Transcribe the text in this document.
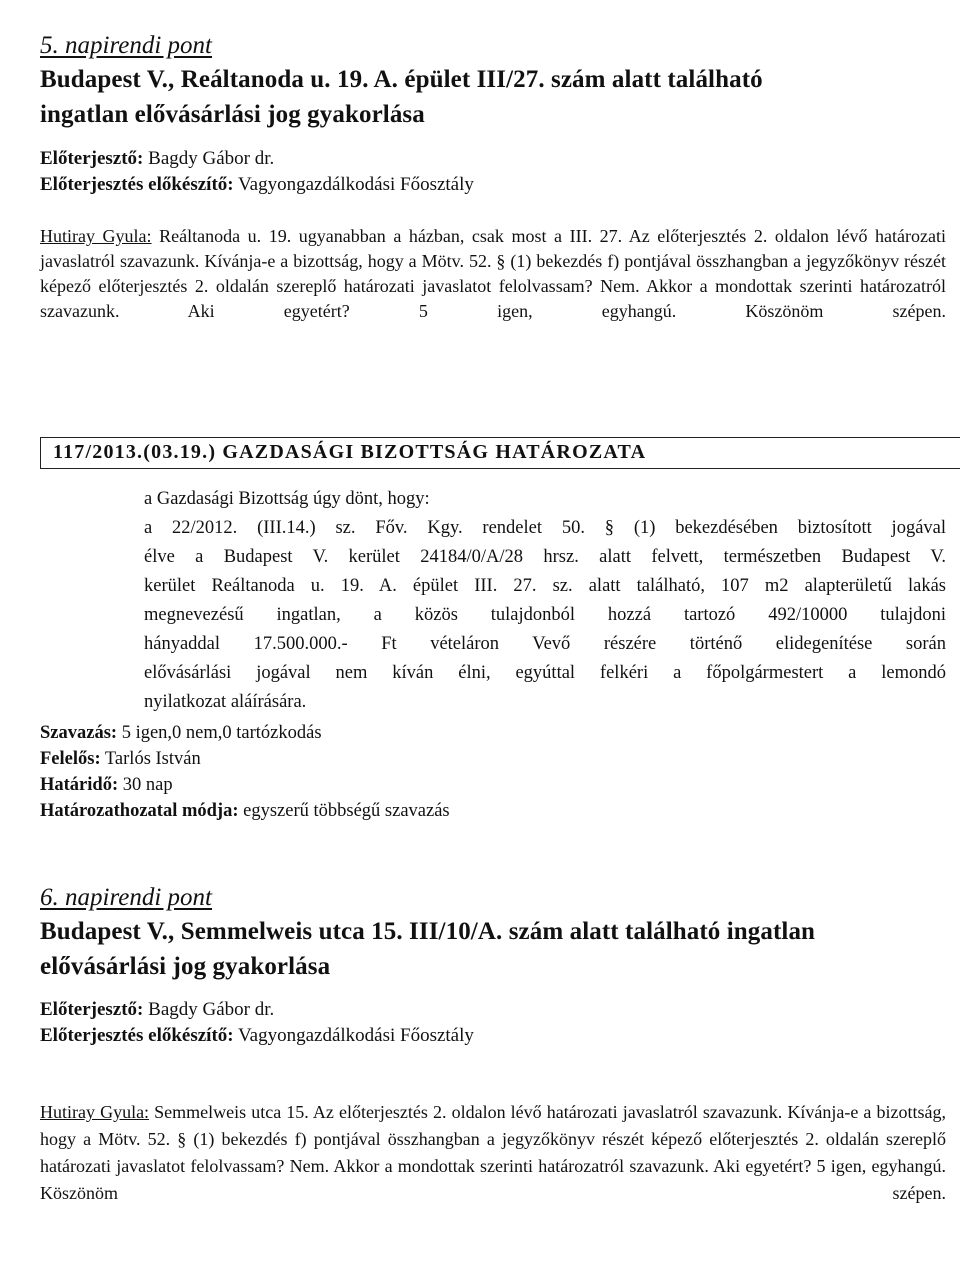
5. napirendi pont
Budapest V., Reáltanoda u. 19. A. épület III/27. szám alatt található
ingatlan elővásárlási jog gyakorlása
Előterjesztő: Bagdy Gábor dr.
Előterjesztés előkészítő: Vagyongazdálkodási Főosztály
Hutiray Gyula: Reáltanoda u. 19. ugyanabban a házban, csak most a III. 27. Az előterjesztés 2. oldalon lévő határozati javaslatról szavazunk. Kívánja-e a bizottság, hogy a Mötv. 52. § (1) bekezdés f) pontjával összhangban a jegyzőkönyv részét képező előterjesztés 2. oldalán szereplő határozati javaslatot felolvassam? Nem. Akkor a mondottak szerinti határozatról szavazunk. Aki egyetért? 5 igen, egyhangú. Köszönöm szépen.
117/2013.(03.19.) GAZDASÁGI BIZOTTSÁG HATÁROZATA
a Gazdasági Bizottság úgy dönt, hogy:
a 22/2012. (III.14.) sz. Főv. Kgy. rendelet 50. § (1) bekezdésében biztosított jogával
élve a Budapest V. kerület 24184/0/A/28 hrsz. alatt felvett, természetben Budapest V.
kerület Reáltanoda u. 19. A. épület III. 27. sz. alatt található, 107 m2 alapterületű lakás
megnevezésű ingatlan, a közös tulajdonból hozzá tartozó 492/10000 tulajdoni
hányaddal 17.500.000.- Ft vételáron Vevő részére történő elidegenítése során
elővásárlási jogával nem kíván élni, egyúttal felkéri a főpolgármestert a lemondó
nyilatkozat aláírására.
Szavazás: 5 igen,0 nem,0 tartózkodás
Felelős: Tarlós István
Határidő: 30 nap
Határozathozatal módja: egyszerű többségű szavazás
6. napirendi pont
Budapest V., Semmelweis utca 15. III/10/A. szám alatt található ingatlan
elővásárlási jog gyakorlása
Előterjesztő: Bagdy Gábor dr.
Előterjesztés előkészítő: Vagyongazdálkodási Főosztály
Hutiray Gyula: Semmelweis utca 15. Az előterjesztés 2. oldalon lévő határozati javaslatról szavazunk. Kívánja-e a bizottság, hogy a Mötv. 52. § (1) bekezdés f) pontjával összhangban a jegyzőkönyv részét képező előterjesztés 2. oldalán szereplő határozati javaslatot felolvassam? Nem. Akkor a mondottak szerinti határozatról szavazunk. Aki egyetért? 5 igen, egyhangú. Köszönöm szépen.
